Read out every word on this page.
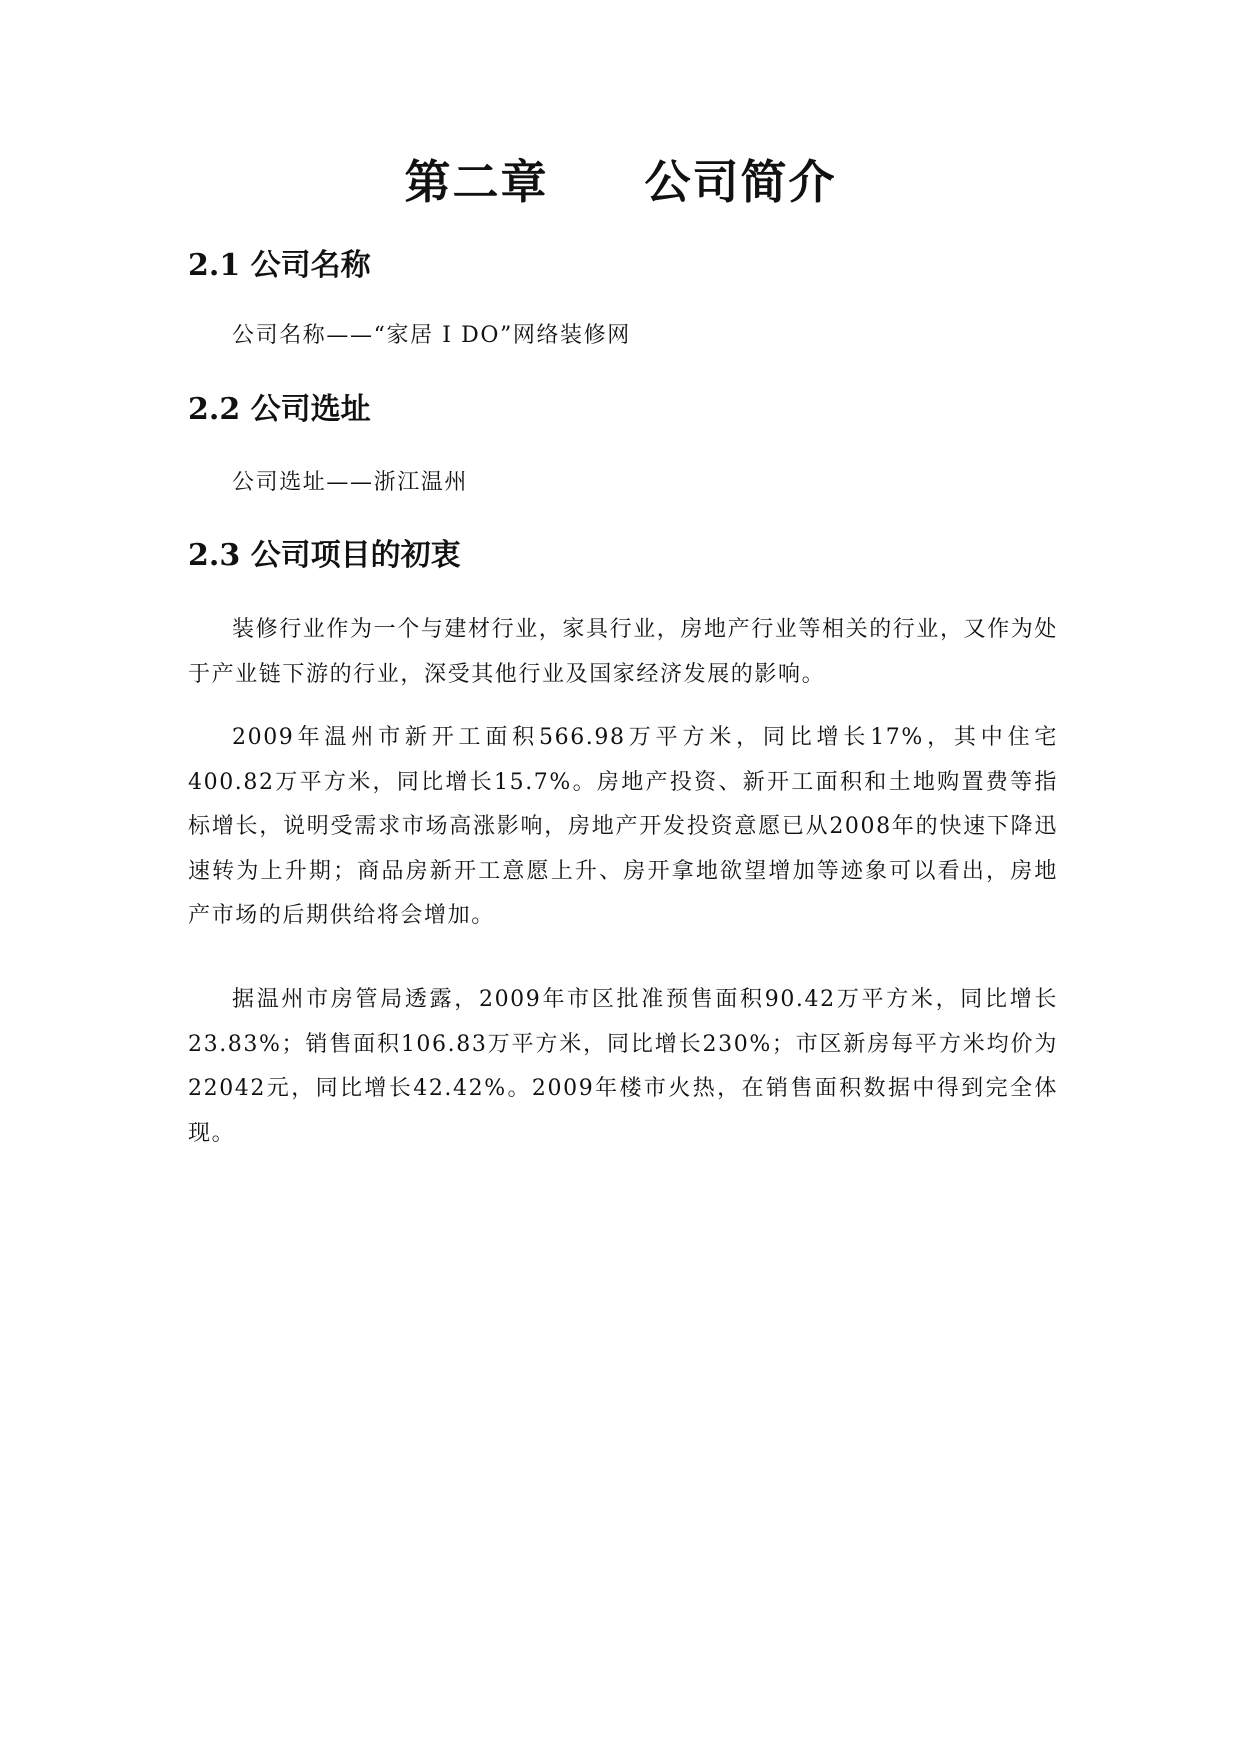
第二章　　公司简介
2.1 公司名称

公司名称——“家居 I DO”网络装修网

2.2 公司选址

公司选址——浙江温州

2.3 公司项目的初衷

装修行业作为一个与建材行业，家具行业，房地产行业等相关的行业，又作为处于产业链下游的行业，深受其他行业及国家经济发展的影响。

2009年温州市新开工面积566.98万平方米，同比增长17%，其中住宅400.82万平方米，同比增长15.7%。房地产投资、新开工面积和土地购置费等指标增长，说明受需求市场高涨影响，房地产开发投资意愿已从2008年的快速下降迅速转为上升期；商品房新开工意愿上升、房开拿地欲望增加等迹象可以看出，房地产市场的后期供给将会增加。

据温州市房管局透露，2009年市区批准预售面积90.42万平方米，同比增长23.83%；销售面积106.83万平方米，同比增长230%；市区新房每平方米均价为22042元，同比增长42.42%。2009年楼市火热，在销售面积数据中得到完全体现。
